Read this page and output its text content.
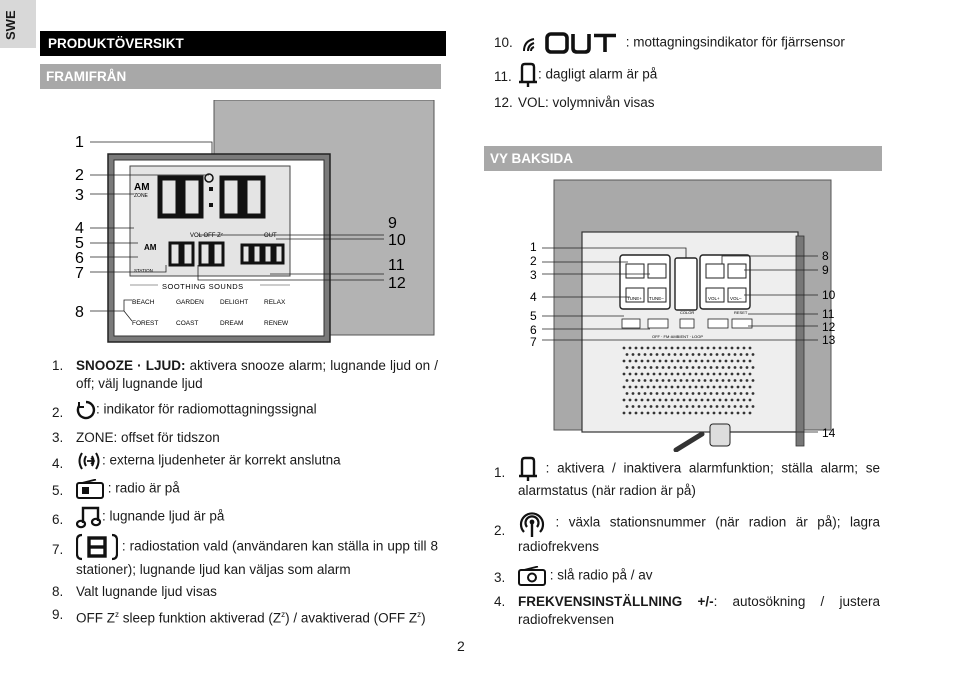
SWE
PRODUKTÖVERSIKT
FRAMIFRÅN
AM
ZONE
VOL OFF Zᶻ	OUT
AM
STATION
SOOTHING SOUNDS
BEACH	GARDEN DELIGHT RELAX
FOREST	COAST	DREAM	RENEW
1
2
3
4
5
6
7
8
9
10
11
12
1. SNOOZE · LJUD: aktivera snooze alarm; lugnande ljud on / off; välj lugnande ljud
2.	: indikator för radiomottagningssignal
3. ZONE: offset för tidszon
4.	: externa ljudenheter är korrekt anslutna
5.	: radio är på
6.	: lugnande ljud är på
7.	: radiostation vald (användaren kan ställa in upp till 8 stationer); lugnande ljud kan väljas som alarm
8. Valt lugnande ljud visas
9. OFF $Z^z$ sleep funktion aktiverad $(Z^z)$ / avaktiverad (OFF $Z^z$)
10.	: mottagningsindikator för fjärrsensor
11.	: dagligt alarm är på
12. VOL: volymnivån visas
VY BAKSIDA
TUNE+ TUNE–	VOL+ VOL–
COLOR	RESET
OFF · FM·AMBIENT · LOOP
1
2
3
4
5
6
7
8
9
10
11
12
13
14
1.	: aktivera / inaktivera alarmfunktion; ställa alarm; se alarmstatus (när radion är på)
2.
: växla stationsnummer (när radion är på); lagra radiofrekvens
3.	: slå radio på / av
4. FREKVENSINSTÄLLNING +/-: autosökning / justera radiofrekvensen
2
